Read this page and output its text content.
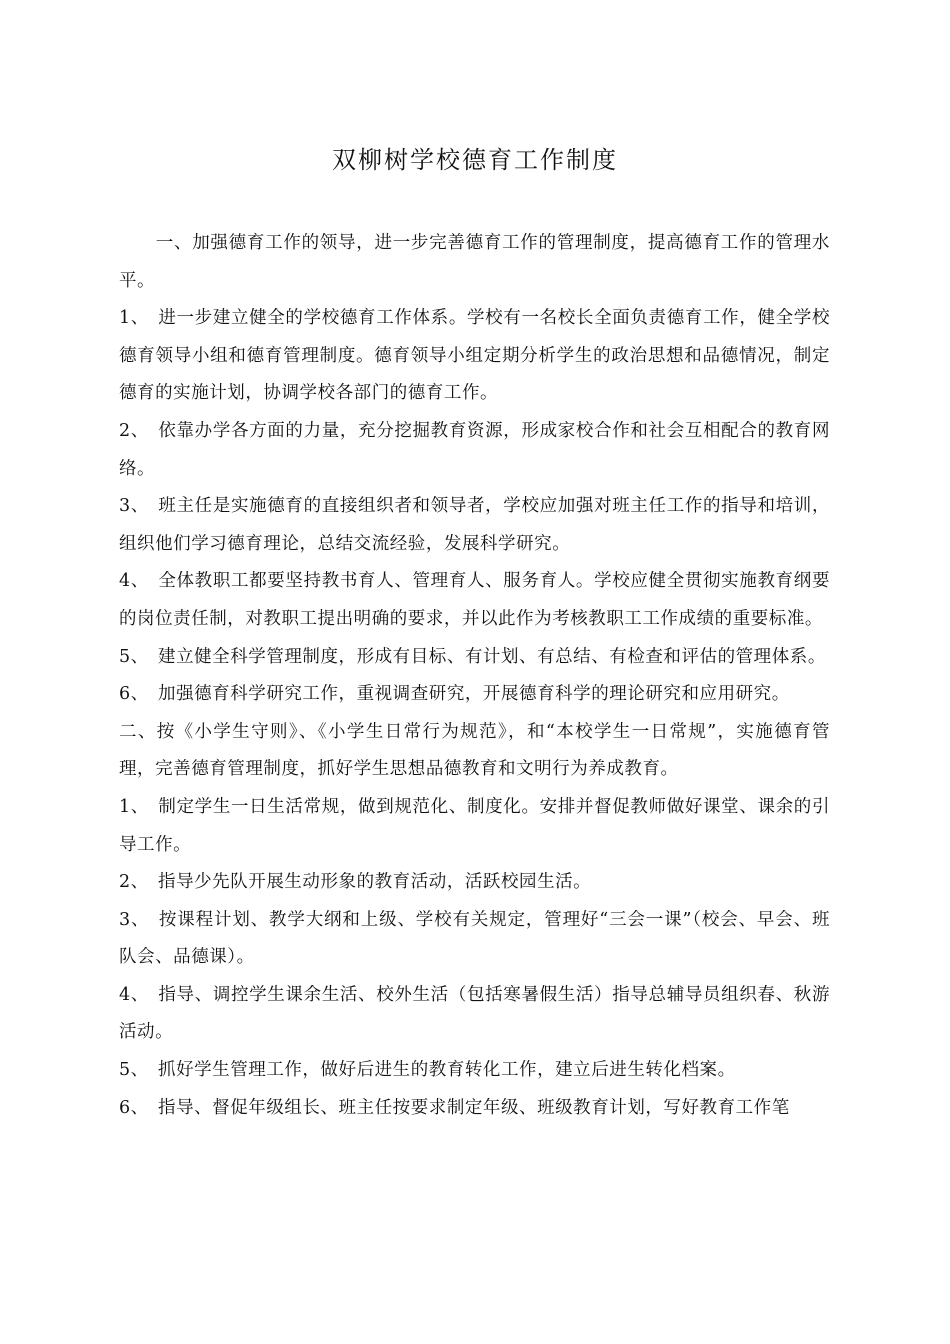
双柳树学校德育工作制度

一、加强德育工作的领导，进一步完善德育工作的管理制度，提高德育工作的管理水平。

1、　进一步建立健全的学校德育工作体系。学校有一名校长全面负责德育工作，健全学校德育领导小组和德育管理制度。德育领导小组定期分析学生的政治思想和品德情况，制定德育的实施计划，协调学校各部门的德育工作。

2、　依靠办学各方面的力量，充分挖掘教育资源，形成家校合作和社会互相配合的教育网络。

3、　班主任是实施德育的直接组织者和领导者，学校应加强对班主任工作的指导和培训，组织他们学习德育理论，总结交流经验，发展科学研究。

4、　全体教职工都要坚持教书育人、管理育人、服务育人。学校应健全贯彻实施教育纲要的岗位责任制，对教职工提出明确的要求，并以此作为考核教职工工作成绩的重要标准。

5、　建立健全科学管理制度，形成有目标、有计划、有总结、有检查和评估的管理体系。

6、　加强德育科学研究工作，重视调查研究，开展德育科学的理论研究和应用研究。

二、按《小学生守则》、《小学生日常行为规范》，和“本校学生一日常规”，实施德育管理，完善德育管理制度，抓好学生思想品德教育和文明行为养成教育。

1、　制定学生一日生活常规，做到规范化、制度化。安排并督促教师做好课堂、课余的引导工作。

2、　指导少先队开展生动形象的教育活动，活跃校园生活。

3、　按课程计划、教学大纲和上级、学校有关规定，管理好“三会一课”（校会、早会、班队会、品德课）。

4、　指导、调控学生课余生活、校外生活（包括寒暑假生活）指导总辅导员组织春、秋游活动。

5、　抓好学生管理工作，做好后进生的教育转化工作，建立后进生转化档案。

6、　指导、督促年级组长、班主任按要求制定年级、班级教育计划，写好教育工作笔
